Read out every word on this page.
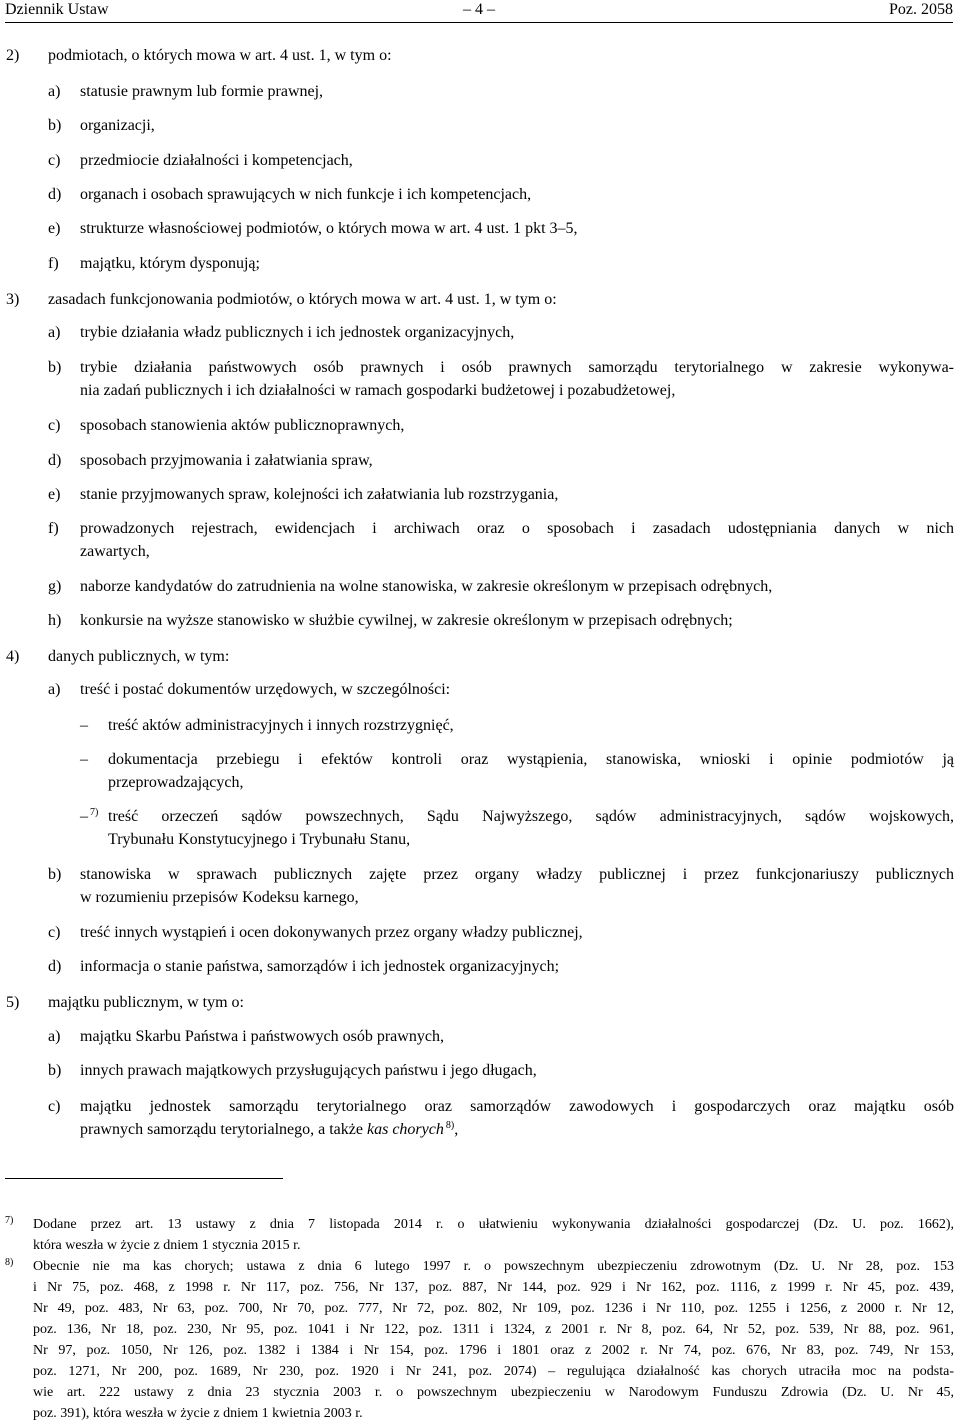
Dziennik Ustaw	– 4 –	Poz. 2058
2) podmiotach, o których mowa w art. 4 ust. 1, w tym o:
a) statusie prawnym lub formie prawnej,
b) organizacji,
c) przedmiocie działalności i kompetencjach,
d) organach i osobach sprawujących w nich funkcje i ich kompetencjach,
e) strukturze własnościowej podmiotów, o których mowa w art. 4 ust. 1 pkt 3–5,
f) majątku, którym dysponują;
3) zasadach funkcjonowania podmiotów, o których mowa w art. 4 ust. 1, w tym o:
a) trybie działania władz publicznych i ich jednostek organizacyjnych,
b) trybie działania państwowych osób prawnych i osób prawnych samorządu terytorialnego w zakresie wykonywa-
nia zadań publicznych i ich działalności w ramach gospodarki budżetowej i pozabudżetowej,
c) sposobach stanowienia aktów publicznoprawnych,
d) sposobach przyjmowania i załatwiania spraw,
e) stanie przyjmowanych spraw, kolejności ich załatwiania lub rozstrzygania,
f) prowadzonych rejestrach, ewidencjach i archiwach oraz o sposobach i zasadach udostępniania danych w nich
zawartych,
g) naborze kandydatów do zatrudnienia na wolne stanowiska, w zakresie określonym w przepisach odrębnych,
h) konkursie na wyższe stanowisko w służbie cywilnej, w zakresie określonym w przepisach odrębnych;
4) danych publicznych, w tym:
a) treść i postać dokumentów urzędowych, w szczególności:
– treść aktów administracyjnych i innych rozstrzygnięć,
– dokumentacja przebiegu i efektów kontroli oraz wystąpienia, stanowiska, wnioski i opinie podmiotów ją
przeprowadzających,
– $^{7)}$ treść orzeczeń sądów powszechnych, Sądu Najwyższego, sądów administracyjnych, sądów wojskowych,
Trybunału Konstytucyjnego i Trybunału Stanu,
b) stanowiska w sprawach publicznych zajęte przez organy władzy publicznej i przez funkcjonariuszy publicznych
w rozumieniu przepisów Kodeksu karnego,
c) treść innych wystąpień i ocen dokonywanych przez organy władzy publicznej,
d) informacja o stanie państwa, samorządów i ich jednostek organizacyjnych;
5) majątku publicznym, w tym o:
a) majątku Skarbu Państwa i państwowych osób prawnych,
b) innych prawach majątkowych przysługujących państwu i jego długach,
c) majątku jednostek samorządu terytorialnego oraz samorządów zawodowych i gospodarczych oraz majątku osób
prawnych samorządu terytorialnego, a także kas chorych $^{8)}$,
7) Dodane przez art. 13 ustawy z dnia 7 listopada 2014 r. o ułatwieniu wykonywania działalności gospodarczej (Dz. U. poz. 1662),
która weszła w życie z dniem 1 stycznia 2015 r.
8) Obecnie nie ma kas chorych; ustawa z dnia 6 lutego 1997 r. o powszechnym ubezpieczeniu zdrowotnym (Dz. U. Nr 28, poz. 153
i Nr 75, poz. 468, z 1998 r. Nr 117, poz. 756, Nr 137, poz. 887, Nr 144, poz. 929 i Nr 162, poz. 1116, z 1999 r. Nr 45, poz. 439,
Nr 49, poz. 483, Nr 63, poz. 700, Nr 70, poz. 777, Nr 72, poz. 802, Nr 109, poz. 1236 i Nr 110, poz. 1255 i 1256, z 2000 r. Nr 12,
poz. 136, Nr 18, poz. 230, Nr 95, poz. 1041 i Nr 122, poz. 1311 i 1324, z 2001 r. Nr 8, poz. 64, Nr 52, poz. 539, Nr 88, poz. 961,
Nr 97, poz. 1050, Nr 126, poz. 1382 i 1384 i Nr 154, poz. 1796 i 1801 oraz z 2002 r. Nr 74, poz. 676, Nr 83, poz. 749, Nr 153,
poz. 1271, Nr 200, poz. 1689, Nr 230, poz. 1920 i Nr 241, poz. 2074) – regulująca działalność kas chorych utraciła moc na podsta-
wie art. 222 ustawy z dnia 23 stycznia 2003 r. o powszechnym ubezpieczeniu w Narodowym Funduszu Zdrowia (Dz. U. Nr 45,
poz. 391), która weszła w życie z dniem 1 kwietnia 2003 r.
